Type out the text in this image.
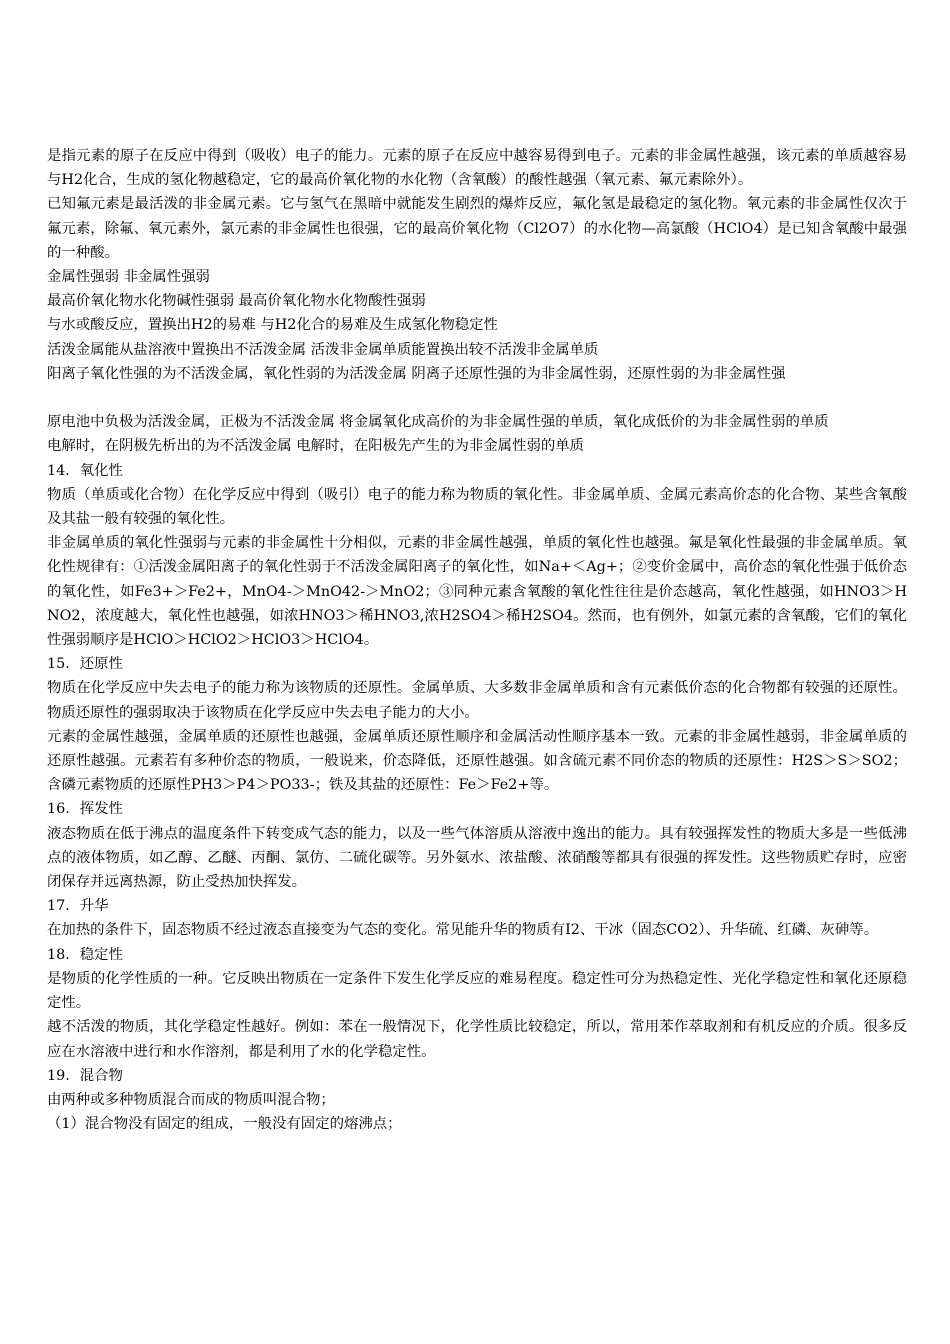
是指元素的原子在反应中得到（吸收）电子的能力。元素的原子在反应中越容易得到电子。元素的非金属性越强，该元素的单质越容易与H2化合，生成的氢化物越稳定，它的最高价氧化物的水化物（含氧酸）的酸性越强（氧元素、氟元素除外）。

已知氟元素是最活泼的非金属元素。它与氢气在黑暗中就能发生剧烈的爆炸反应，氟化氢是最稳定的氢化物。氧元素的非金属性仅次于氟元素，除氟、氧元素外，氯元素的非金属性也很强，它的最高价氧化物（Cl2O7）的水化物—高氯酸（HClO4）是已知含氧酸中最强的一种酸。

金属性强弱 非金属性强弱

最高价氧化物水化物碱性强弱 最高价氧化物水化物酸性强弱

与水或酸反应，置换出H2的易难 与H2化合的易难及生成氢化物稳定性

活泼金属能从盐溶液中置换出不活泼金属 活泼非金属单质能置换出较不活泼非金属单质

阳离子氧化性强的为不活泼金属，氧化性弱的为活泼金属 阴离子还原性强的为非金属性弱，还原性弱的为非金属性强

原电池中负极为活泼金属，正极为不活泼金属 将金属氧化成高价的为非金属性强的单质，氧化成低价的为非金属性弱的单质

电解时，在阴极先析出的为不活泼金属 电解时，在阳极先产生的为非金属性弱的单质

14．氧化性

物质（单质或化合物）在化学反应中得到（吸引）电子的能力称为物质的氧化性。非金属单质、金属元素高价态的化合物、某些含氧酸及其盐一般有较强的氧化性。

非金属单质的氧化性强弱与元素的非金属性十分相似，元素的非金属性越强，单质的氧化性也越强。氟是氧化性最强的非金属单质。氧化性规律有：①活泼金属阳离子的氧化性弱于不活泼金属阳离子的氧化性，如Na+＜Ag+；②变价金属中，高价态的氧化性强于低价态的氧化性，如Fe3+＞Fe2+，MnO4-＞MnO42-＞MnO2；③同种元素含氧酸的氧化性往往是价态越高，氧化性越强，如HNO3＞HNO2，浓度越大，氧化性也越强，如浓HNO3＞稀HNO3,浓H2SO4＞稀H2SO4。然而，也有例外，如氯元素的含氧酸，它们的氧化性强弱顺序是HClO＞HClO2＞HClO3＞HClO4。

15．还原性

物质在化学反应中失去电子的能力称为该物质的还原性。金属单质、大多数非金属单质和含有元素低价态的化合物都有较强的还原性。物质还原性的强弱取决于该物质在化学反应中失去电子能力的大小。

元素的金属性越强，金属单质的还原性也越强，金属单质还原性顺序和金属活动性顺序基本一致。元素的非金属性越弱，非金属单质的还原性越强。元素若有多种价态的物质，一般说来，价态降低，还原性越强。如含硫元素不同价态的物质的还原性：H2S＞S＞SO2；含磷元素物质的还原性PH3＞P4＞PO33-；铁及其盐的还原性：Fe＞Fe2+等。

16．挥发性

液态物质在低于沸点的温度条件下转变成气态的能力，以及一些气体溶质从溶液中逸出的能力。具有较强挥发性的物质大多是一些低沸点的液体物质，如乙醇、乙醚、丙酮、氯仿、二硫化碳等。另外氨水、浓盐酸、浓硝酸等都具有很强的挥发性。这些物质贮存时，应密闭保存并远离热源，防止受热加快挥发。

17．升华

在加热的条件下，固态物质不经过液态直接变为气态的变化。常见能升华的物质有I2、干冰（固态CO2）、升华硫、红磷、灰砷等。

18．稳定性

是物质的化学性质的一种。它反映出物质在一定条件下发生化学反应的难易程度。稳定性可分为热稳定性、光化学稳定性和氧化还原稳定性。

越不活泼的物质，其化学稳定性越好。例如：苯在一般情况下，化学性质比较稳定，所以，常用苯作萃取剂和有机反应的介质。很多反应在水溶液中进行和水作溶剂，都是利用了水的化学稳定性。

19．混合物

由两种或多种物质混合而成的物质叫混合物；

（1）混合物没有固定的组成，一般没有固定的熔沸点；
